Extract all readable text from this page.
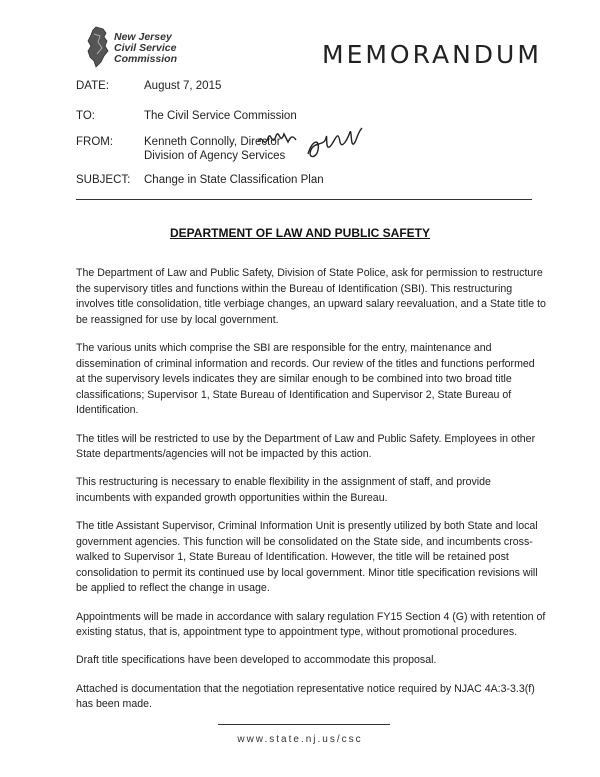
New Jersey
Civil Service
Commission	MEMORANDUM
DATE:	August 7, 2015
TO:	The Civil Service Commission
FROM:	Kenneth Connolly, Director
Division of Agency Services
SUBJECT: Change in State Classification Plan
DEPARTMENT OF LAW AND PUBLIC SAFETY

The Department of Law and Public Safety, Division of State Police, ask for permission to restructure the supervisory titles and functions within the Bureau of Identification (SBI). This restructuring involves title consolidation, title verbiage changes, an upward salary reevaluation, and a State title to be reassigned for use by local government.

The various units which comprise the SBI are responsible for the entry, maintenance and dissemination of criminal information and records. Our review of the titles and functions performed at the supervisory levels indicates they are similar enough to be combined into two broad title classifications; Supervisor 1, State Bureau of Identification and Supervisor 2, State Bureau of Identification.

The titles will be restricted to use by the Department of Law and Public Safety. Employees in other State departments/agencies will not be impacted by this action.

This restructuring is necessary to enable flexibility in the assignment of staff, and provide incumbents with expanded growth opportunities within the Bureau.

The title Assistant Supervisor, Criminal Information Unit is presently utilized by both State and local government agencies. This function will be consolidated on the State side, and incumbents cross-walked to Supervisor 1, State Bureau of Identification. However, the title will be retained post consolidation to permit its continued use by local government. Minor title specification revisions will be applied to reflect the change in usage.

Appointments will be made in accordance with salary regulation FY15 Section 4 (G) with retention of existing status, that is, appointment type to appointment type, without promotional procedures.

Draft title specifications have been developed to accommodate this proposal.

Attached is documentation that the negotiation representative notice required by NJAC 4A:3-3.3(f) has been made.

www.state.nj.us/csc
